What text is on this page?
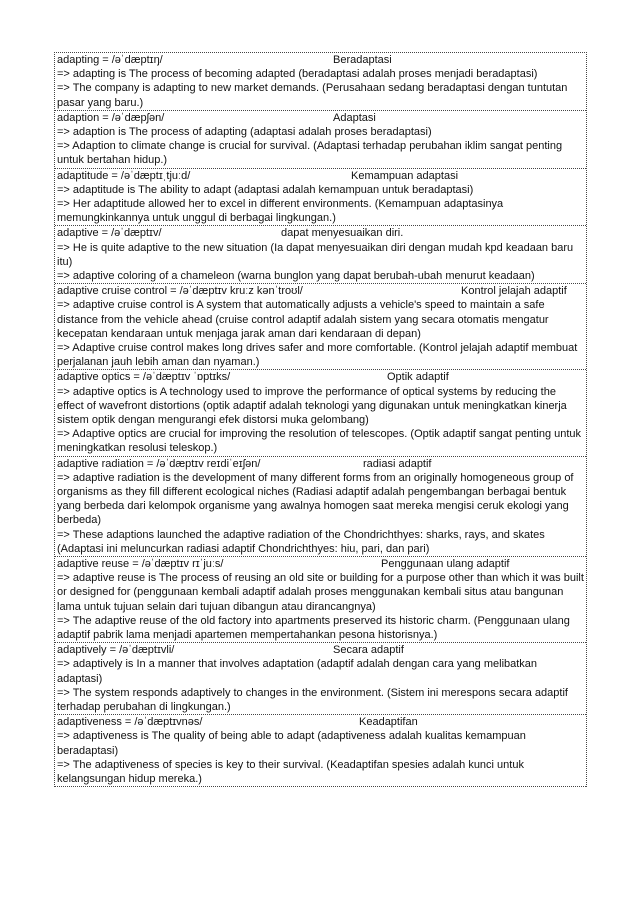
adapting = /əˈdæptɪŋ/	Beradaptasi
=> adapting is The process of becoming adapted (beradaptasi adalah proses menjadi beradaptasi)
=> The company is adapting to new market demands. (Perusahaan sedang beradaptasi dengan tuntutan pasar yang baru.)
adaption = /əˈdæpʃən/	Adaptasi
=> adaption is The process of adapting (adaptasi adalah proses beradaptasi)
=> Adaption to climate change is crucial for survival. (Adaptasi terhadap perubahan iklim sangat penting untuk bertahan hidup.)
adaptitude = /əˈdæptɪˌtjuːd/	Kemampuan adaptasi
=> adaptitude is The ability to adapt (adaptasi adalah kemampuan untuk beradaptasi)
=> Her adaptitude allowed her to excel in different environments. (Kemampuan adaptasinya memungkinkannya untuk unggul di berbagai lingkungan.)
adaptive = /əˈdæptɪv/	dapat menyesuaikan diri.
=> He is quite adaptive to the new situation (Ia dapat menyesuaikan diri dengan mudah kpd keadaan baru itu)
=> adaptive coloring of a chameleon (warna bunglon yang dapat berubah-ubah menurut keadaan)
adaptive cruise control = /əˈdæptɪv kruːz kənˈtroʊl/	Kontrol jelajah adaptif
=> adaptive cruise control is A system that automatically adjusts a vehicle's speed to maintain a safe distance from the vehicle ahead (cruise control adaptif adalah sistem yang secara otomatis mengatur kecepatan kendaraan untuk menjaga jarak aman dari kendaraan di depan)
=> Adaptive cruise control makes long drives safer and more comfortable. (Kontrol jelajah adaptif membuat perjalanan jauh lebih aman dan nyaman.)
adaptive optics = /əˈdæptɪv ˈɒptɪks/	Optik adaptif
=> adaptive optics is A technology used to improve the performance of optical systems by reducing the effect of wavefront distortions (optik adaptif adalah teknologi yang digunakan untuk meningkatkan kinerja sistem optik dengan mengurangi efek distorsi muka gelombang)
=> Adaptive optics are crucial for improving the resolution of telescopes. (Optik adaptif sangat penting untuk meningkatkan resolusi teleskop.)
adaptive radiation = /əˈdæptɪv reɪdiˈeɪʃən/	radiasi adaptif
=> adaptive radiation is the development of many different forms from an originally homogeneous group of organisms as they fill different ecological niches (Radiasi adaptif adalah pengembangan berbagai bentuk yang berbeda dari kelompok organisme yang awalnya homogen saat mereka mengisi ceruk ekologi yang berbeda)
=> These adaptions launched the adaptive radiation of the Chondrichthyes: sharks, rays, and skates (Adaptasi ini meluncurkan radiasi adaptif Chondrichthyes: hiu, pari, dan pari)
adaptive reuse = /əˈdæptɪv rɪˈjuːs/	Penggunaan ulang adaptif
=> adaptive reuse is The process of reusing an old site or building for a purpose other than which it was built or designed for (penggunaan kembali adaptif adalah proses menggunakan kembali situs atau bangunan lama untuk tujuan selain dari tujuan dibangun atau dirancangnya)
=> The adaptive reuse of the old factory into apartments preserved its historic charm. (Penggunaan ulang adaptif pabrik lama menjadi apartemen mempertahankan pesona historisnya.)
adaptively = /əˈdæptɪvli/	Secara adaptif
=> adaptively is In a manner that involves adaptation (adaptif adalah dengan cara yang melibatkan adaptasi)
=> The system responds adaptively to changes in the environment. (Sistem ini merespons secara adaptif terhadap perubahan di lingkungan.)
adaptiveness = /əˈdæptɪvnəs/	Keadaptifan
=> adaptiveness is The quality of being able to adapt (adaptiveness adalah kualitas kemampuan beradaptasi)
=> The adaptiveness of species is key to their survival. (Keadaptifan spesies adalah kunci untuk kelangsungan hidup mereka.)
